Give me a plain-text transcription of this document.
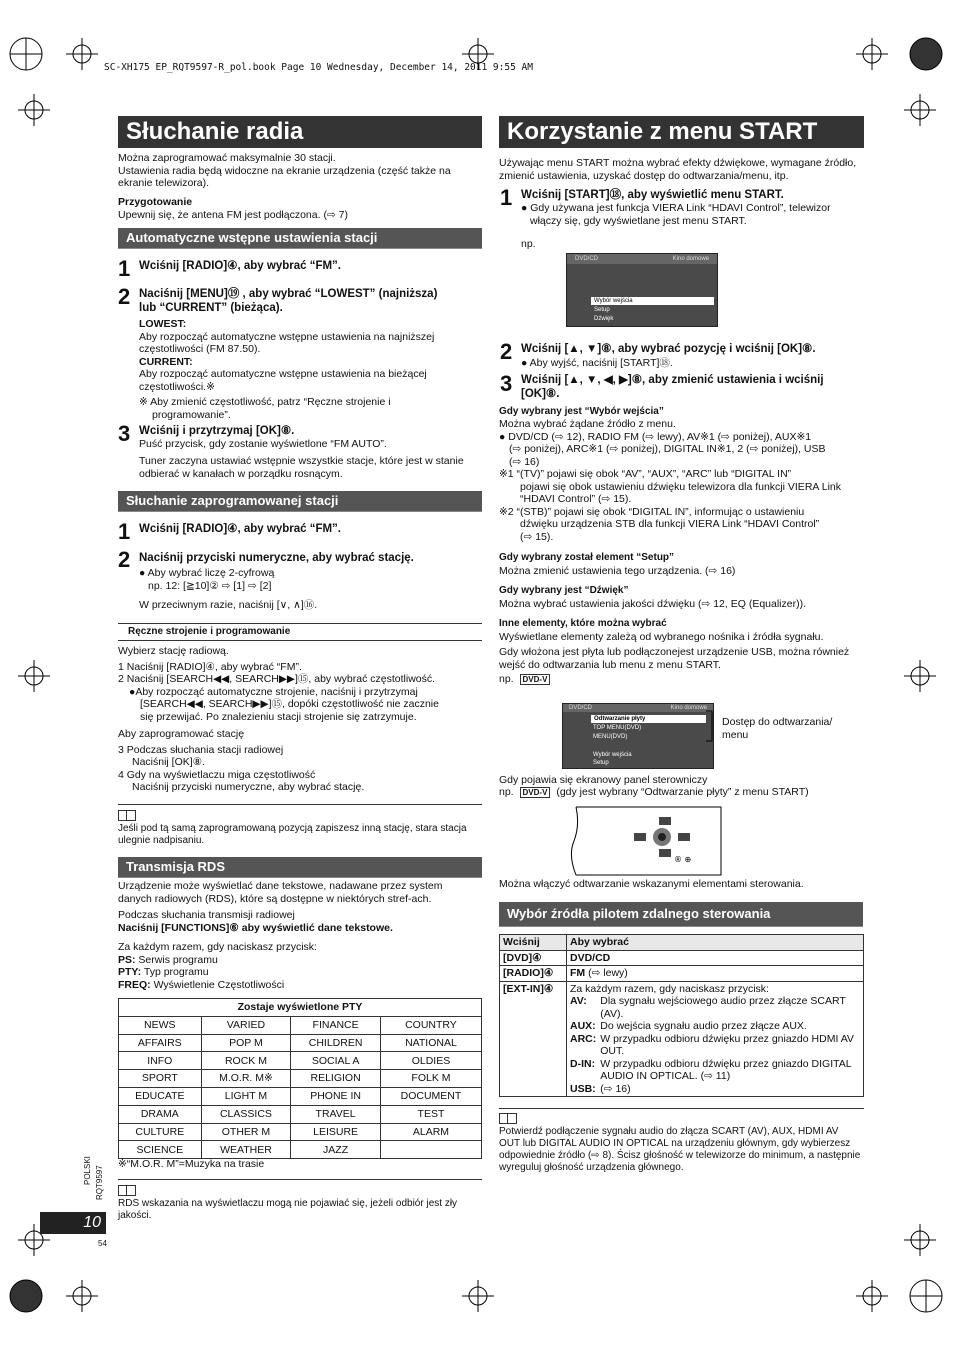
SC-XH175 EP_RQT9597-R_pol.book Page 10 Wednesday, December 14, 2011 9:55 AM
Słuchanie radia
Można zaprogramować maksymalnie 30 stacji.
Ustawienia radia będą widoczne na ekranie urządzenia (część także na ekranie telewizora).
Przygotowanie
Upewnij się, że antena FM jest podłączona. (⇨ 7)
Automatyczne wstępne ustawienia stacji
1 Wciśnij [RADIO]④, aby wybrać “FM”.
2 Naciśnij [MENU]⑲ , aby wybrać “LOWEST” (najniższa)
lub “CURRENT” (bieżąca).
LOWEST:
Aby rozpocząć automatyczne wstępne ustawienia na najniższej
częstotliwości (FM 87.50).
CURRENT:
Aby rozpocząć automatyczne wstępne ustawienia na bieżącej
częstotliwości.※
※ Aby zmienić częstotliwość, patrz “Ręczne strojenie i
programowanie”.
3 Wciśnij i przytrzymaj [OK]⑧.
Puść przycisk, gdy zostanie wyświetlone “FM AUTO”.
Tuner zaczyna ustawiać wstępnie wszystkie stacje, które jest w stanie odbierać w kanałach w porządku rosnącym.
Słuchanie zaprogramowanej stacji
1 Wciśnij [RADIO]④, aby wybrać “FM”.
2 Naciśnij przyciski numeryczne, aby wybrać stację.
● Aby wybrać liczę 2-cyfrową
np. 12: [≧10]② ⇨ [1] ⇨ [2]
W przeciwnym razie, naciśnij [∨, ∧]⑯.
Ręczne strojenie i programowanie
Wybierz stację radiową.
1 Naciśnij [RADIO]④, aby wybrać “FM”.
2 Naciśnij [SEARCH◀◀, SEARCH▶▶]⑮, aby wybrać częstotliwość.
●Aby rozpocząć automatyczne strojenie, naciśnij i przytrzymaj
[SEARCH◀◀, SEARCH▶▶]⑮, dopóki częstotliwość nie zacznie
się przewijać. Po znalezieniu stacji strojenie się zatrzymuje.
Aby zaprogramować stację
3 Podczas słuchania stacji radiowej
Naciśnij [OK]⑧.
4 Gdy na wyświetlaczu miga częstotliwość
Naciśnij przyciski numeryczne, aby wybrać stację.
Jeśli pod tą samą zaprogramowaną pozycją zapiszesz inną stację, stara stacja ulegnie nadpisaniu.
Transmisja RDS
Urządzenie może wyświetlać dane tekstowe, nadawane przez system danych radiowych (RDS), które są dostępne w niektórych stref-ach.
Podczas słuchania transmisji radiowej
Naciśnij [FUNCTIONS]⑥ aby wyświetlić dane tekstowe.
Za każdym razem, gdy naciskasz przycisk:
PS: Serwis programu
PTY: Typ programu
FREQ: Wyświetlenie Częstotliwości
Zostaje wyświetlone PTY			
NEWS	VARIED	FINANCE	COUNTRY
AFFAIRS	POP M	CHILDREN	NATIONAL
INFO	ROCK M	SOCIAL A	OLDIES
SPORT	M.O.R. M※	RELIGION	FOLK M
EDUCATE	LIGHT M	PHONE IN	DOCUMENT
DRAMA	CLASSICS	TRAVEL	TEST
CULTURE	OTHER M	LEISURE	ALARM
SCIENCE	WEATHER	JAZZ	
※“M.O.R. M”=Muzyka na trasie
RDS wskazania na wyświetlaczu mogą nie pojawiać się, jeżeli odbiór jest zły jakości.
POLSKI RQT9597
10
54
Korzystanie z menu START
Używając menu START można wybrać efekty dźwiękowe, wymagane źródło, zmienić ustawienia, uzyskać dostęp do odtwarzania/menu, itp.
1 Wciśnij [START]⑱, aby wyświetlić menu START.
● Gdy używana jest funkcja VIERA Link “HDAVI Control”, telewizor
włączy się, gdy wyświetlane jest menu START.
np.
DVD/CD	Kino domowe
Wybór wejścia
Setup
Dźwięk
2 Wciśnij [▲, ▼]⑧, aby wybrać pozycję i wciśnij [OK]⑧.
● Aby wyjść, naciśnij [START]⑱.
3 Wciśnij [▲, ▼, ◀, ▶]⑧, aby zmienić ustawienia i wciśnij
[OK]⑧.
Gdy wybrany jest “Wybór wejścia”
Można wybrać żądane źródło z menu.
● DVD/CD (⇨ 12), RADIO FM (⇨ lewy), AV※1 (⇨ poniżej), AUX※1
(⇨ poniżej), ARC※1 (⇨ poniżej), DIGITAL IN※1, 2 (⇨ poniżej), USB
(⇨ 16)
※1 “(TV)” pojawi się obok “AV”, “AUX”, “ARC” lub “DIGITAL IN”
pojawi się obok ustawieniu dźwięku telewizora dla funkcji VIERA Link
“HDAVI Control” (⇨ 15).
※2 “(STB)” pojawi się obok “DIGITAL IN”, informując o ustawieniu
dźwięku urządzenia STB dla funkcji VIERA Link “HDAVI Control”
(⇨ 15).
Gdy wybrany został element “Setup”
Można zmienić ustawienia tego urządzenia. (⇨ 16)
Gdy wybrany jest “Dźwięk”
Można wybrać ustawienia jakości dźwięku (⇨ 12, EQ (Equalizer)).
Inne elementy, które można wybrać
Wyświetlane elementy zależą od wybranego nośnika i źródła sygnału.
Gdy włożona jest płyta lub podłączonejest urządzenie USB, można również wejść do odtwarzania lub menu z menu START.
np. DVD-V
DVD/CD	Kino domowe
Odtwarzanie płyty
TOP MENU(DVD)
MENU(DVD)
Wybór wejścia
Setup
Dostęp do odtwarzania/ menu
Gdy pojawia się ekranowy panel sterowniczy
np. DVD-V (gdy jest wybrany “Odtwarzanie płyty” z menu START)
® ⊕
Można włączyć odtwarzanie wskazanymi elementami sterowania.
Wybór źródła pilotem zdalnego sterowania
Wciśnij	Aby wybrać
[DVD]④	DVD/CD
[RADIO]④	FM (⇨ lewy)
[EXT-IN]④	Za każdym razem, gdy naciskasz przycisk:
AV:	Dla sygnału wejściowego audio przez złącze SCART (AV).
AUX:	Do wejścia sygnału audio przez złącze AUX.
ARC:	W przypadku odbioru dźwięku przez gniazdo HDMI AV OUT.
D-IN:	W przypadku odbioru dźwięku przez gniazdo DIGITAL AUDIO IN OPTICAL. (⇨ 11)
USB:	(⇨ 16)
Potwierdź podłączenie sygnału audio do złącza SCART (AV), AUX, HDMI AV OUT lub DIGITAL AUDIO IN OPTICAL na urządzeniu głównym, gdy wybierzesz odpowiednie źródło (⇨ 8). Ścisz głośność w telewizorze do minimum, a następnie wyreguluj głośność urządzenia głównego.
